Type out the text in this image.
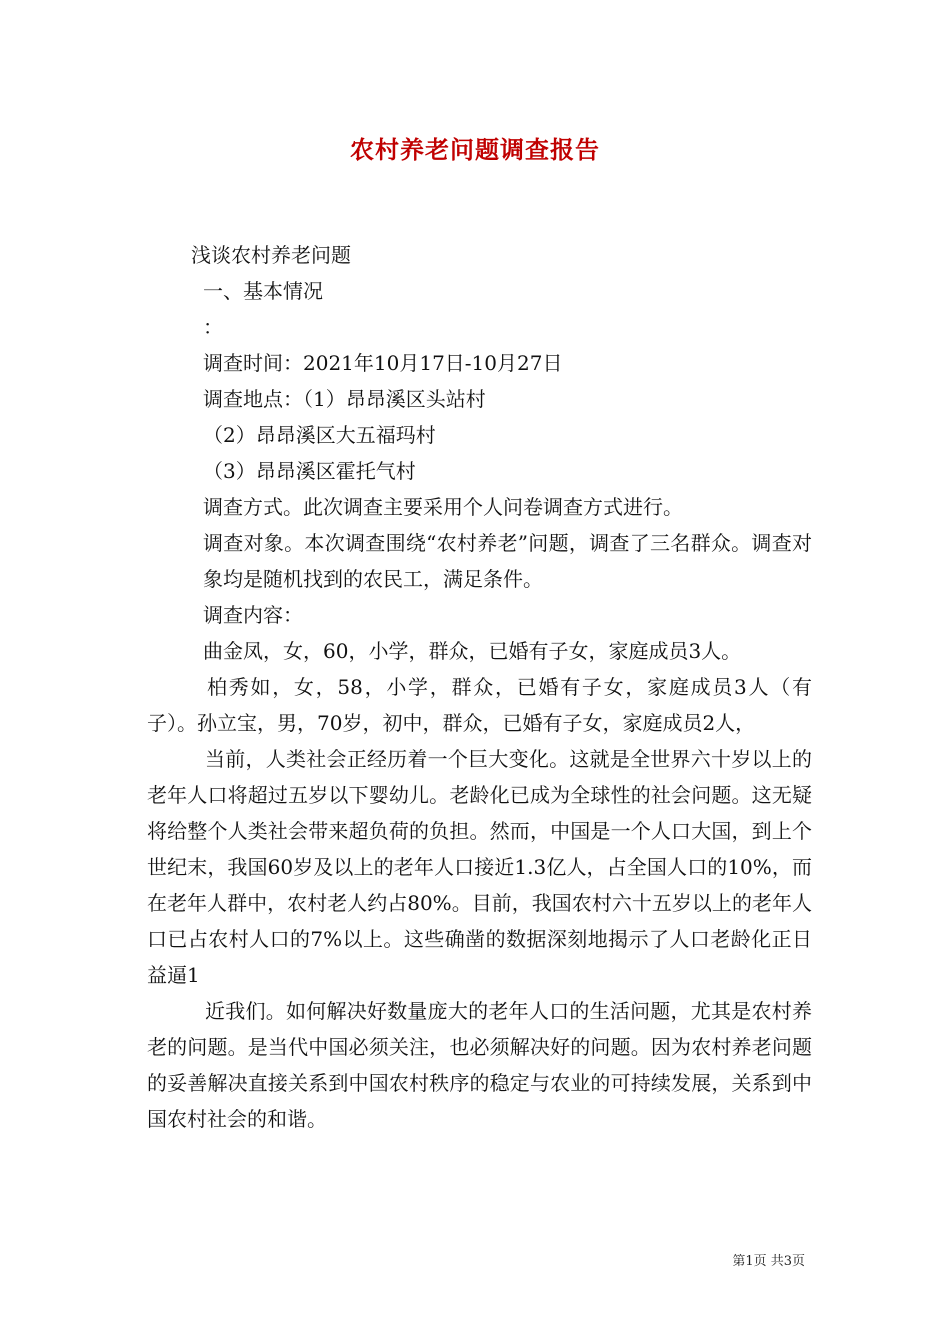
农村养老问题调查报告
浅谈农村养老问题
一、基本情况
：
调查时间：2021年10月17日-10月27日
调查地点：（1）昂昂溪区头站村
（2）昂昂溪区大五福玛村
（3）昂昂溪区霍托气村
调查方式。此次调查主要采用个人问卷调查方式进行。
调查对象。本次调查围绕“农村养老”问题，调查了三名群众。调查对象均是随机找到的农民工，满足条件。
调查内容：
曲金凤，女，60，小学，群众，已婚有子女，家庭成员3人。
柏秀如，女，58，小学，群众，已婚有子女，家庭成员3人（有子）。孙立宝，男，70岁，初中，群众，已婚有子女，家庭成员2人，
当前，人类社会正经历着一个巨大变化。这就是全世界六十岁以上的老年人口将超过五岁以下婴幼儿。老龄化已成为全球性的社会问题。这无疑将给整个人类社会带来超负荷的负担。然而，中国是一个人口大国，到上个世纪末，我国60岁及以上的老年人口接近1.3亿人，占全国人口的10%，而在老年人群中，农村老人约占80%。目前，我国农村六十五岁以上的老年人口已占农村人口的7%以上。这些确凿的数据深刻地揭示了人口老龄化正日益逼1
近我们。如何解决好数量庞大的老年人口的生活问题，尤其是农村养老的问题。是当代中国必须关注，也必须解决好的问题。因为农村养老问题的妥善解决直接关系到中国农村秩序的稳定与农业的可持续发展，关系到中国农村社会的和谐。
第1页 共3页
